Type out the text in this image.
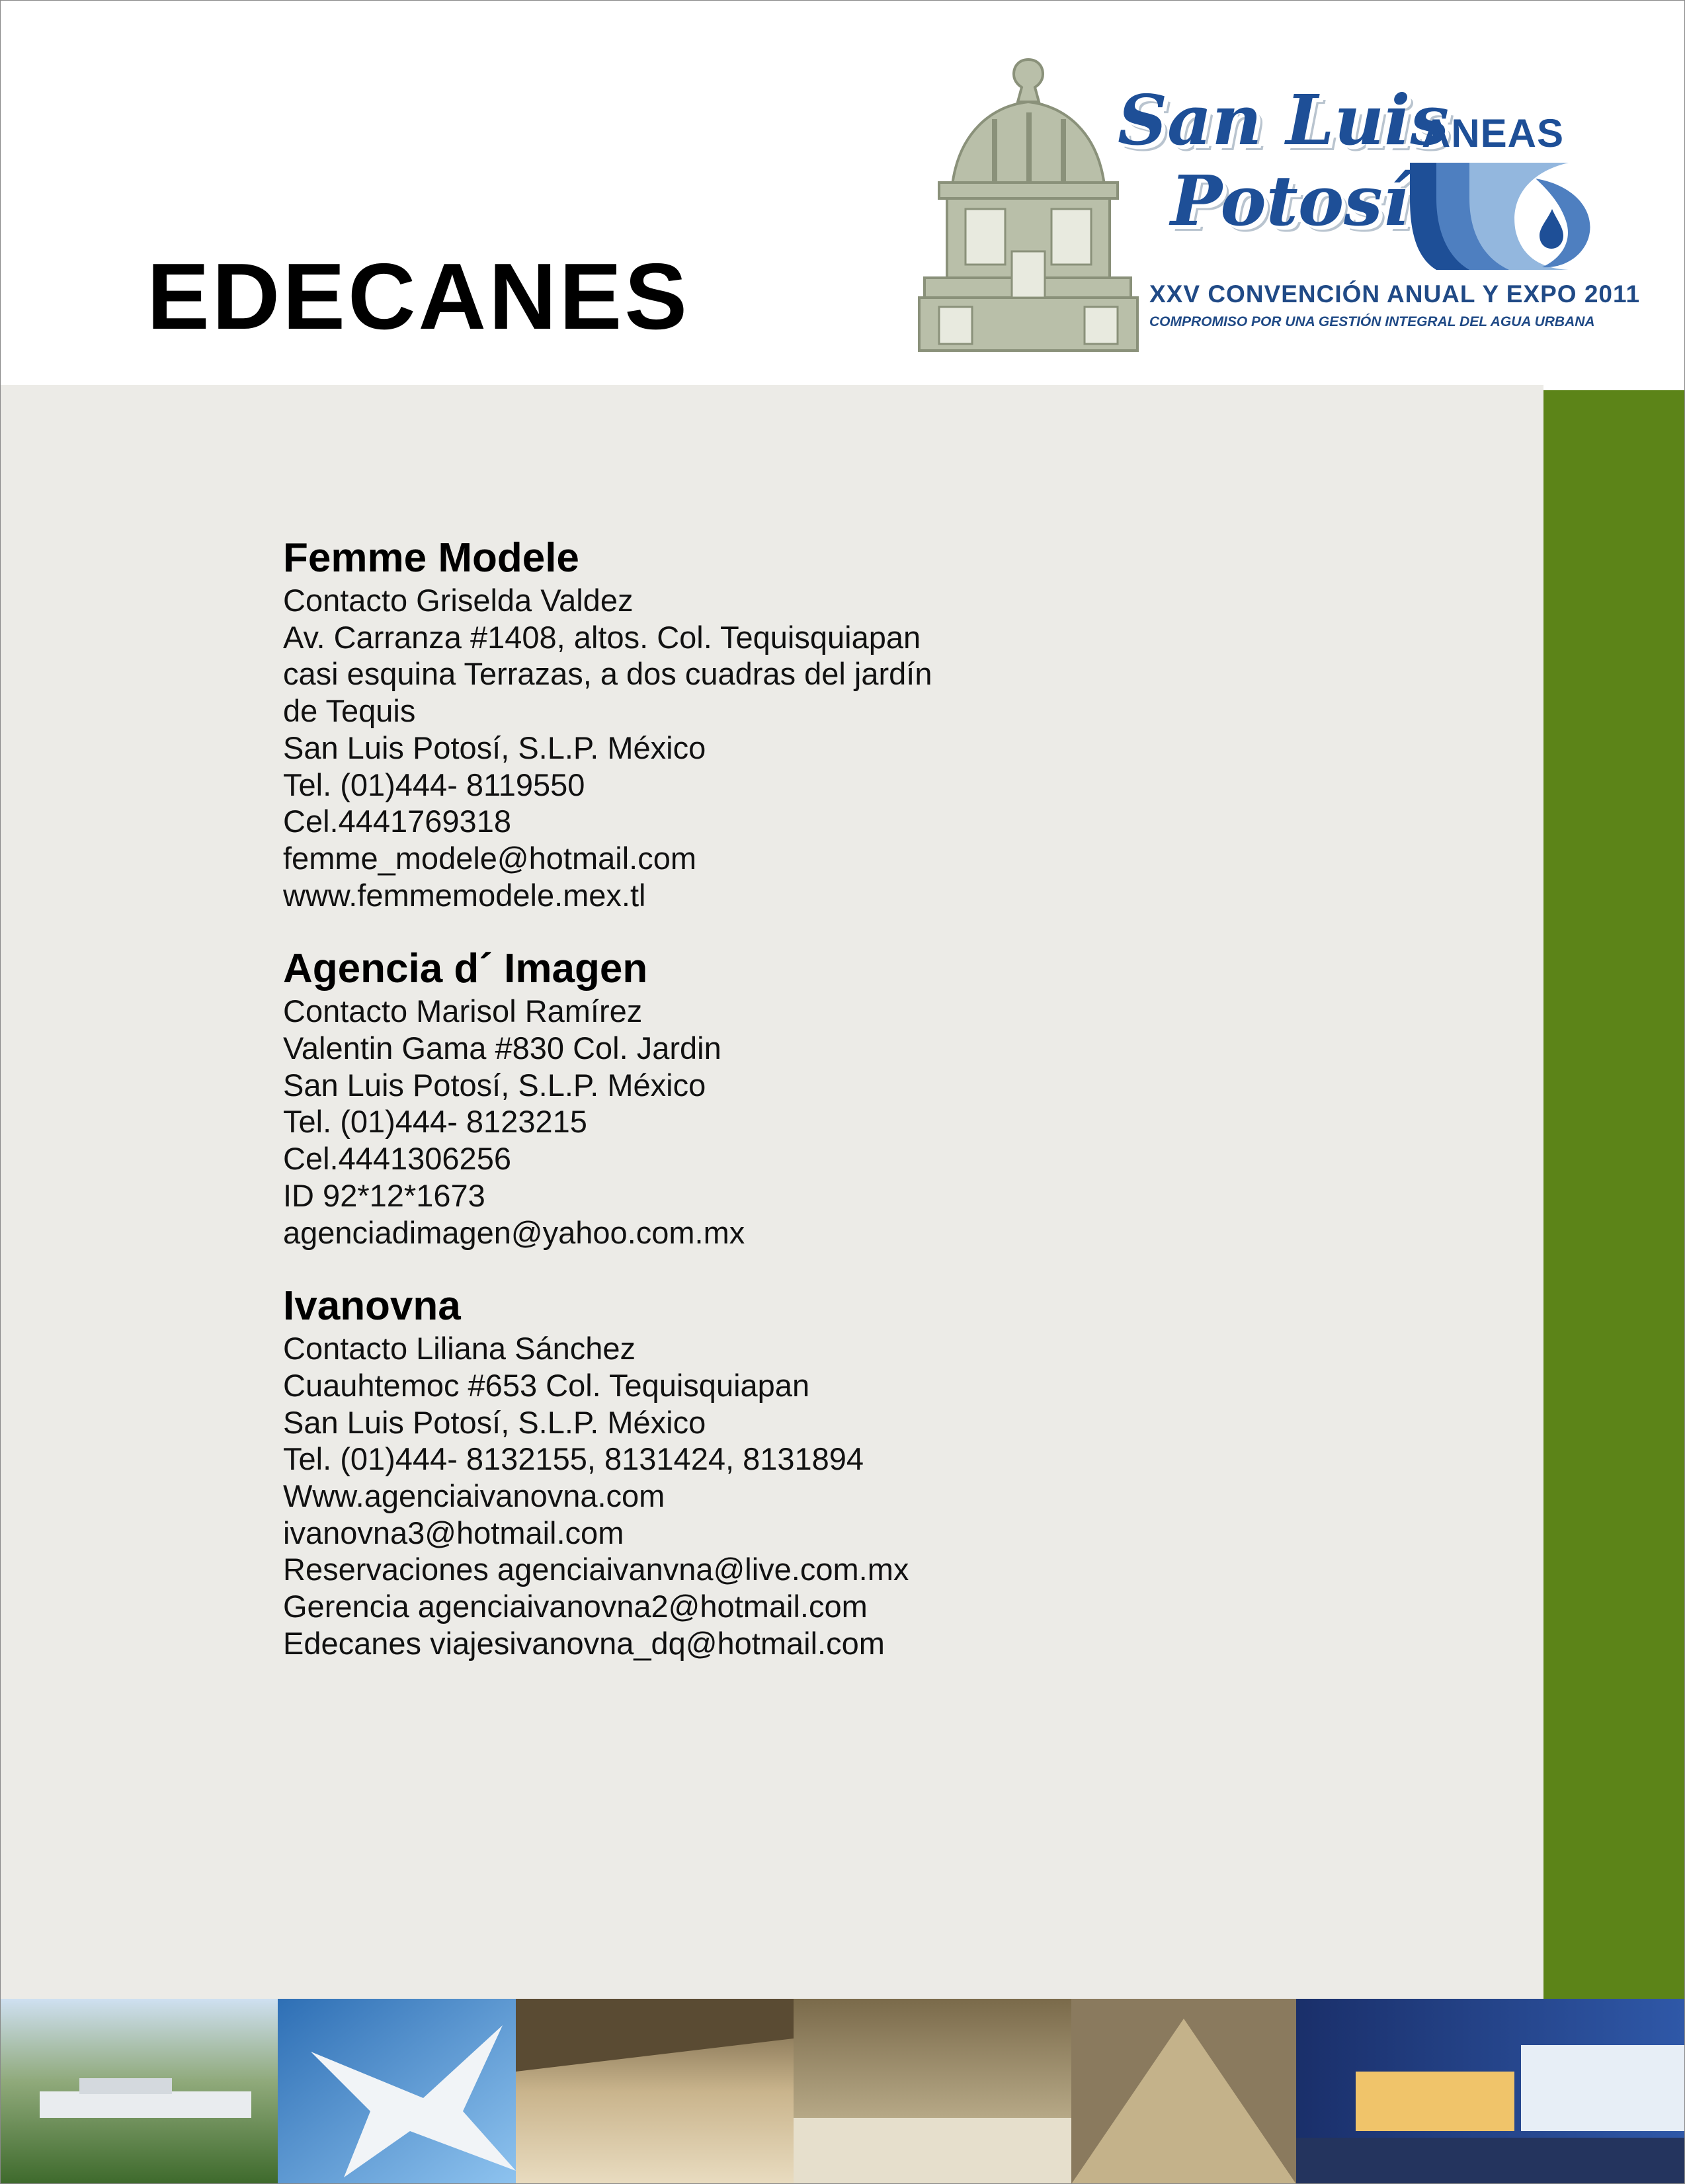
EDECANES
San Luis
Potosí
ANEAS
XXV CONVENCIÓN ANUAL Y EXPO 2011
COMPROMISO POR UNA GESTIÓN INTEGRAL DEL AGUA URBANA
Femme Modele
Contacto Griselda Valdez
Av. Carranza #1408, altos. Col. Tequisquiapan
casi esquina Terrazas, a dos cuadras del jardín
de Tequis
San Luis Potosí, S.L.P. México
Tel. (01)444- 8119550
Cel.4441769318
femme_modele@hotmail.com
www.femmemodele.mex.tl
Agencia d´ Imagen
Contacto Marisol Ramírez
Valentin Gama #830 Col. Jardin
San Luis Potosí, S.L.P. México
Tel. (01)444- 8123215
Cel.4441306256
ID 92*12*1673
agenciadimagen@yahoo.com.mx
Ivanovna
Contacto Liliana Sánchez
Cuauhtemoc #653 Col. Tequisquiapan
San Luis Potosí, S.L.P. México
Tel. (01)444- 8132155, 8131424, 8131894
Www.agenciaivanovna.com
ivanovna3@hotmail.com
Reservaciones agenciaivanvna@live.com.mx
Gerencia agenciaivanovna2@hotmail.com
Edecanes viajesivanovna_dq@hotmail.com
